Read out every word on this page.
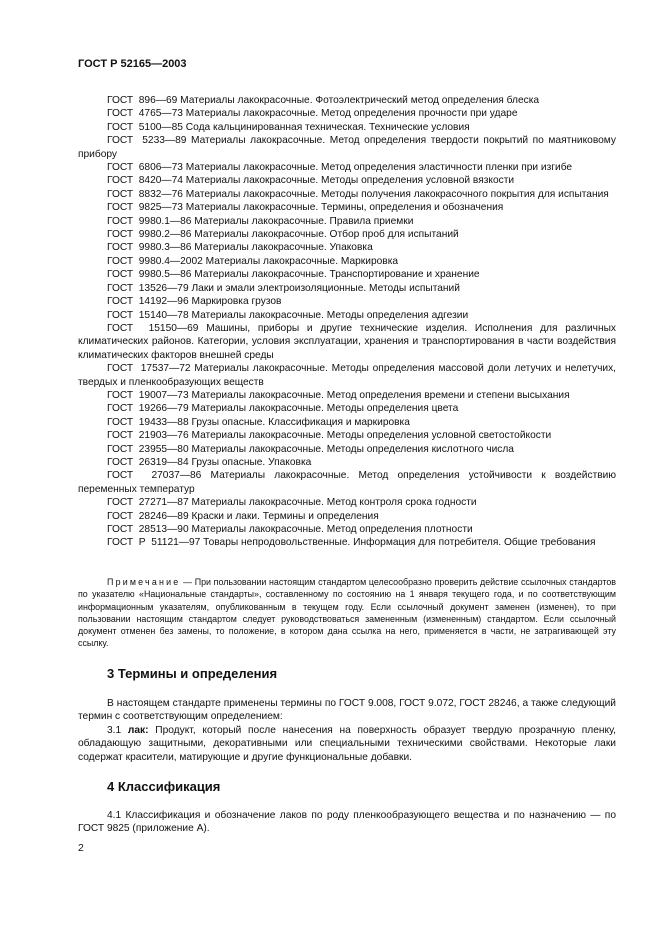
ГОСТ Р 52165—2003
ГОСТ  896—69 Материалы лакокрасочные. Фотоэлектрический метод определения блеска
ГОСТ  4765—73 Материалы лакокрасочные. Метод определения прочности при ударе
ГОСТ  5100—85 Сода кальцинированная техническая. Технические условия
ГОСТ  5233—89 Материалы лакокрасочные. Метод определения твердости покрытий по маятниковому прибору
ГОСТ  6806—73 Материалы лакокрасочные. Метод определения эластичности пленки при изгибе
ГОСТ  8420—74 Материалы лакокрасочные. Методы определения условной вязкости
ГОСТ  8832—76 Материалы лакокрасочные. Методы получения лакокрасочного покрытия для испытания
ГОСТ  9825—73 Материалы лакокрасочные. Термины, определения и обозначения
ГОСТ  9980.1—86 Материалы лакокрасочные. Правила приемки
ГОСТ  9980.2—86 Материалы лакокрасочные. Отбор проб для испытаний
ГОСТ  9980.3—86 Материалы лакокрасочные. Упаковка
ГОСТ  9980.4—2002 Материалы лакокрасочные. Маркировка
ГОСТ  9980.5—86 Материалы лакокрасочные. Транспортирование и хранение
ГОСТ  13526—79 Лаки и эмали электроизоляционные. Методы испытаний
ГОСТ  14192—96 Маркировка грузов
ГОСТ  15140—78 Материалы лакокрасочные. Методы определения адгезии
ГОСТ  15150—69 Машины, приборы и другие технические изделия. Исполнения для различных климатических районов. Категории, условия эксплуатации, хранения и транспортирования в части воздействия климатических факторов внешней среды
ГОСТ  17537—72 Материалы лакокрасочные. Методы определения массовой доли летучих и нелетучих, твердых и пленкообразующих веществ
ГОСТ  19007—73 Материалы лакокрасочные. Метод определения времени и степени высыхания
ГОСТ  19266—79 Материалы лакокрасочные. Методы определения цвета
ГОСТ  19433—88 Грузы опасные. Классификация и маркировка
ГОСТ  21903—76 Материалы лакокрасочные. Методы определения условной светостойкости
ГОСТ  23955—80 Материалы лакокрасочные. Методы определения кислотного числа
ГОСТ  26319—84 Грузы опасные. Упаковка
ГОСТ  27037—86 Материалы лакокрасочные. Метод определения устойчивости к воздействию переменных температур
ГОСТ  27271—87 Материалы лакокрасочные. Метод контроля срока годности
ГОСТ  28246—89 Краски и лаки. Термины и определения
ГОСТ  28513—90 Материалы лакокрасочные. Метод определения плотности
ГОСТ  Р  51121—97 Товары непродовольственные. Информация для потребителя. Общие требования

Примечание — При пользовании настоящим стандартом целесообразно проверить действие ссылочных стандартов по указателю «Национальные стандарты», составленному по состоянию на 1 января текущего года, и по соответствующим информационным указателям, опубликованным в текущем году. Если ссылочный документ заменен (изменен), то при пользовании настоящим стандартом следует руководствоваться замененным (измененным) стандартом. Если ссылочный документ отменен без замены, то положение, в котором дана ссылка на него, применяется в части, не затрагивающей эту ссылку.

3 Термины и определения

В настоящем стандарте применены термины по ГОСТ 9.008, ГОСТ 9.072, ГОСТ 28246, а также следующий термин с соответствующим определением:

3.1 лак: Продукт, который после нанесения на поверхность образует твердую прозрачную пленку, обладающую защитными, декоративными или специальными техническими свойствами. Некоторые лаки содержат красители, матирующие и другие функциональные добавки.

4 Классификация

4.1 Классификация и обозначение лаков по роду пленкообразующего вещества и по назначению — по ГОСТ 9825 (приложение А).

2
